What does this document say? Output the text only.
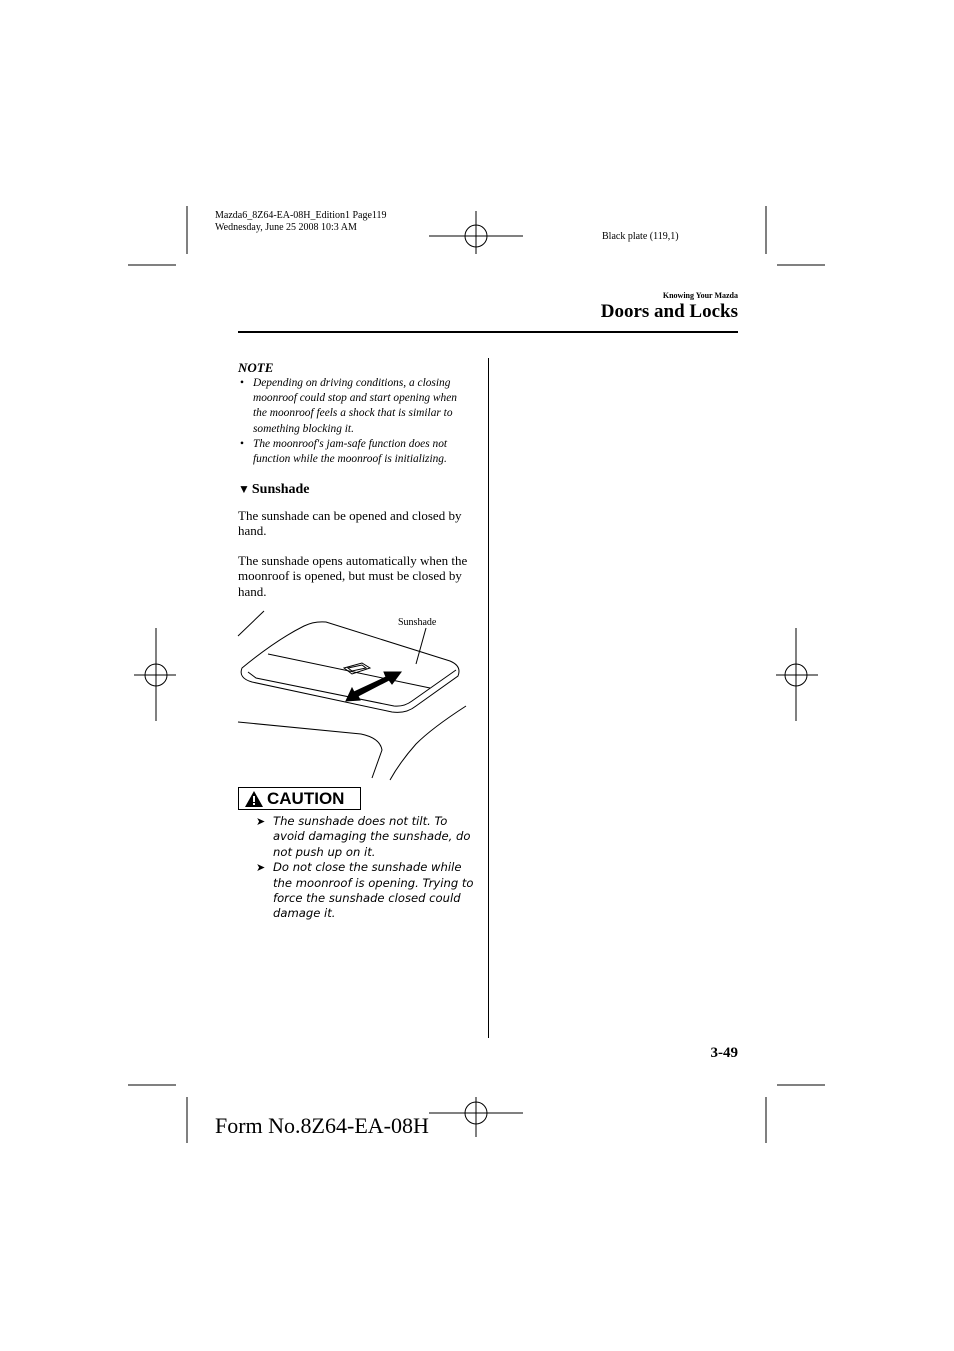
Mazda6_8Z64-EA-08H_Edition1 Page119
Wednesday, June 25 2008 10:3 AM
Black plate (119,1)
Knowing Your Mazda
Doors and Locks
NOTE
• Depending on driving conditions, a closing moonroof could stop and start opening when the moonroof feels a shock that is similar to something blocking it.
• The moonroof's jam-safe function does not function while the moonroof is initializing.
▼ Sunshade
The sunshade can be opened and closed by hand.
The sunshade opens automatically when the moonroof is opened, but must be closed by hand.
Sunshade
CAUTION
➤ The sunshade does not tilt. To avoid damaging the sunshade, do not push up on it.
➤ Do not close the sunshade while the moonroof is opening. Trying to force the sunshade closed could damage it.
3-49
Form No.8Z64-EA-08H
